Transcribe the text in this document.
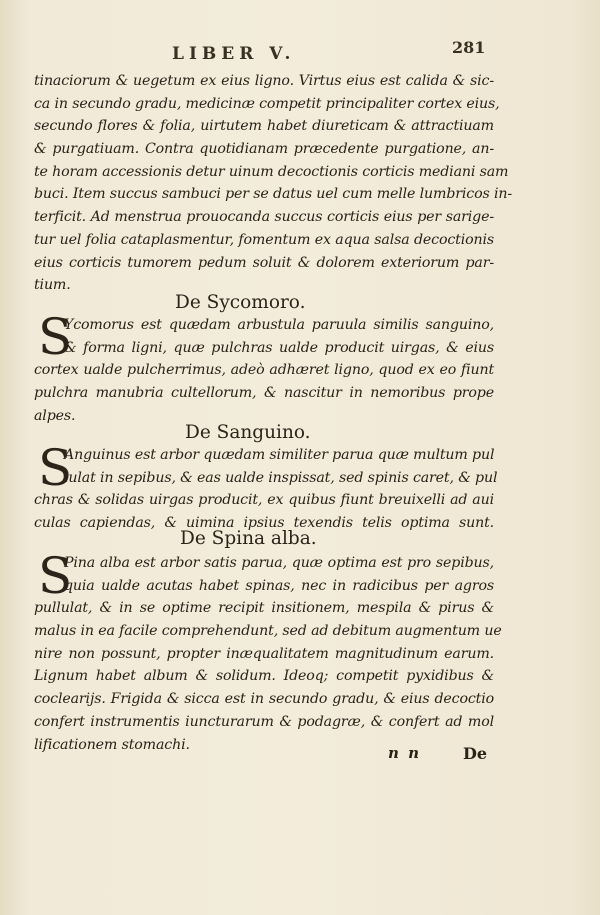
LIBER V.	281
tinaciorum & uegetum ex eius ligno. Virtus eius est calida & sic-
ca in secundo gradu, medicinæ competit principaliter cortex eius,
secundo flores & folia, uirtutem habet diureticam & attractiuam
& purgatiuam. Contra quotidianam præcedente purgatione, an-
te horam accessionis detur uinum decoctionis corticis mediani sam
buci. Item succus sambuci per se datus uel cum melle lumbricos in-
terficit. Ad menstrua prouocanda succus corticis eius per sarige-
tur uel folia cataplasmentur, fomentum ex aqua salsa decoctionis
eius corticis tumorem pedum soluit & dolorem exteriorum par-
tium.
De Sycomoro.
S
Ycomorus est quædam arbustula paruula similis sanguino,
& forma ligni, quæ pulchras ualde producit uirgas, & eius
cortex ualde pulcherrimus, adeò adhæret ligno, quod ex eo fiunt
pulchra manubria cultellorum, & nascitur in nemoribus prope
alpes.
De Sanguino.
S
Anguinus est arbor quædam similiter parua quæ multum pul
lulat in sepibus, & eas ualde inspissat, sed spinis caret, & pul
chras & solidas uirgas producit, ex quibus fiunt breuixelli ad aui
culas capiendas, & uimina ipsius texendis telis optima sunt.
De Spina alba.
S
Pina alba est arbor satis parua, quæ optima est pro sepibus,
quia ualde acutas habet spinas, nec in radicibus per agros
pullulat, & in se optime recipit insitionem, mespila & pirus &
malus in ea facile comprehendunt, sed ad debitum augmentum ue
nire non possunt, propter inæqualitatem magnitudinum earum.
Lignum habet album & solidum. Ideoq; competit pyxidibus &
coclearijs. Frigida & sicca est in secundo gradu, & eius decoctio
confert instrumentis iuncturarum & podagræ, & confert ad mol
lificationem stomachi.	n n	De
